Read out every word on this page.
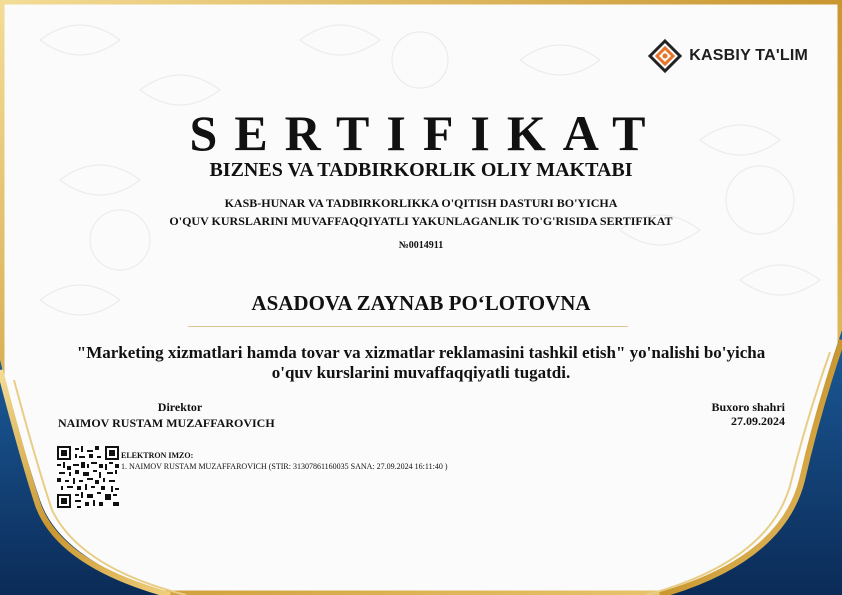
KASBIY TA'LIM
SERTIFIKAT
BIZNES VA TADBIRKORLIK OLIY MAKTABI
KASB-HUNAR VA TADBIRKORLIKKA O'QITISH DASTURI BO'YICHA
O'QUV KURSLARINI MUVAFFAQQIYATLI YAKUNLAGANLIK TO'G'RISIDA SERTIFIKAT
№0014911
ASADOVA ZAYNAB PO‘LOTOVNA
"Marketing xizmatlari hamda tovar va xizmatlar reklamasini tashkil etish" yo'nalishi bo'yicha
o'quv kurslarini muvaffaqqiyatli tugatdi.
Direktor
NAIMOV RUSTAM MUZAFFAROVICH
Buxoro shahri
27.09.2024
ELEKTRON IMZO:
1. NAIMOV RUSTAM MUZAFFAROVICH (STIR: 31307861160035 SANA: 27.09.2024 16:11:40 )
